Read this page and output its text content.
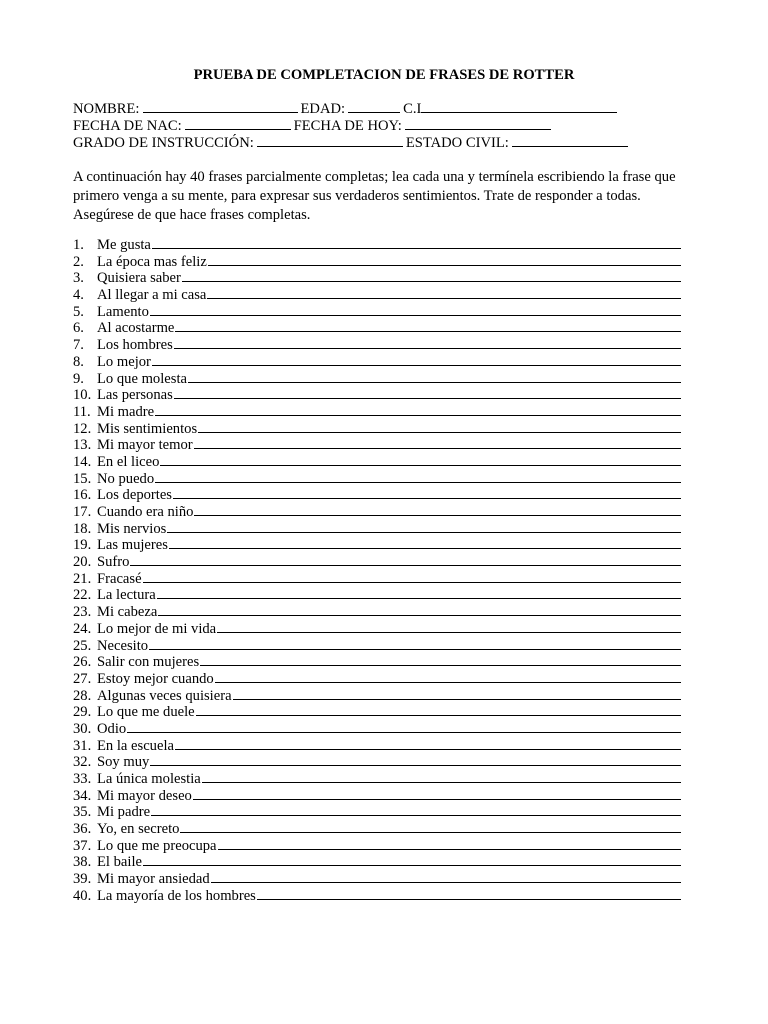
PRUEBA DE COMPLETACION DE FRASES DE ROTTER
NOMBRE:	EDAD:	C.I
FECHA DE NAC:	FECHA DE HOY:
GRADO DE INSTRUCCIÓN:	ESTADO CIVIL:
A continuación hay 40 frases parcialmente completas; lea cada una y termínela escribiendo la frase que primero venga a su mente, para expresar sus verdaderos sentimientos. Trate de responder a todas. Asegúrese de que hace frases completas.
1. Me gusta
2. La época mas feliz
3. Quisiera saber
4. Al llegar a mi casa
5. Lamento
6. Al acostarme
7. Los hombres
8. Lo mejor
9. Lo que molesta
10. Las personas
11. Mi madre
12. Mis sentimientos
13. Mi mayor temor
14. En el liceo
15. No puedo
16. Los deportes
17. Cuando era niño
18. Mis nervios
19. Las mujeres
20. Sufro
21. Fracasé
22. La lectura
23. Mi cabeza
24. Lo mejor de mi vida
25. Necesito
26. Salir con mujeres
27. Estoy mejor cuando
28. Algunas veces quisiera
29. Lo que me duele
30. Odio
31. En la escuela
32. Soy muy
33. La única molestia
34. Mi mayor deseo
35. Mi padre
36. Yo, en secreto
37. Lo que me preocupa
38. El baile
39. Mi mayor ansiedad
40. La mayoría de los hombres
